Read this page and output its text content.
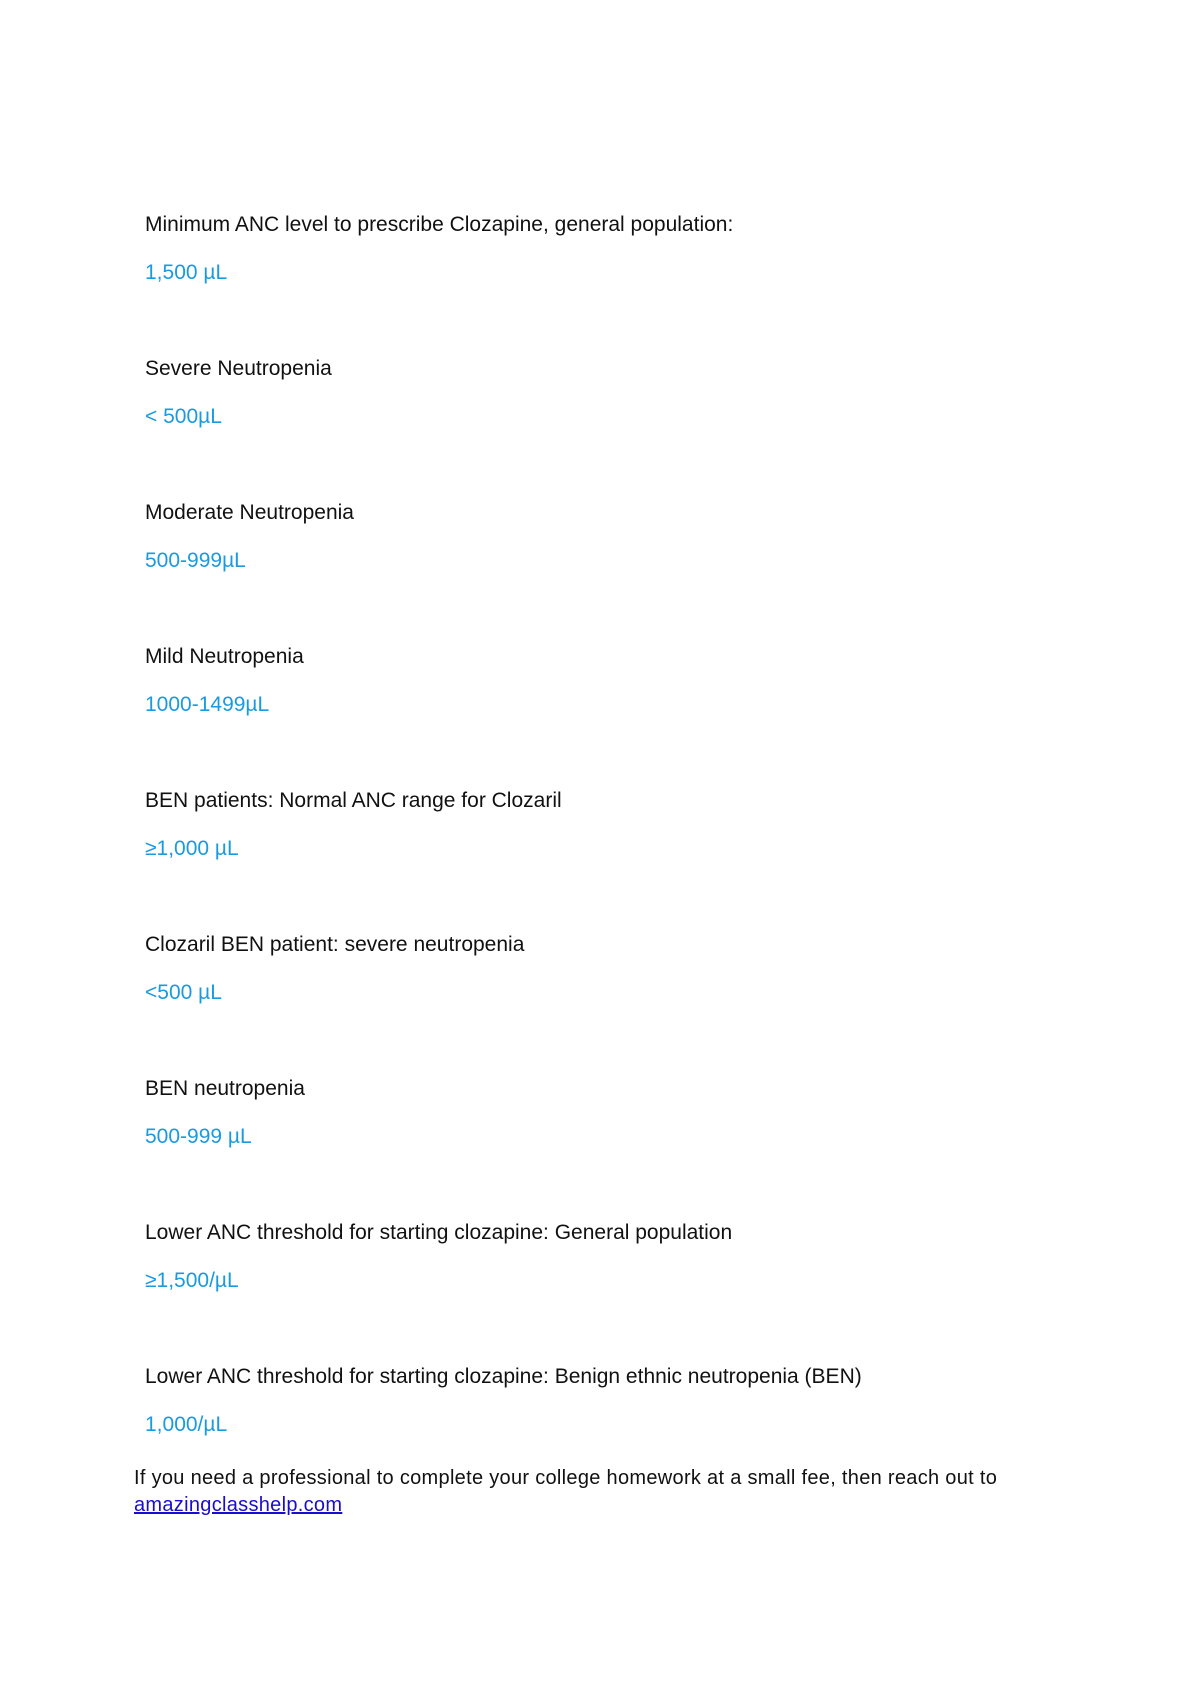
Minimum ANC level to prescribe Clozapine, general population:

1,500 µL

Severe Neutropenia

< 500µL

Moderate Neutropenia

500-999µL

Mild Neutropenia

1000-1499µL

BEN patients: Normal ANC range for Clozaril

≥1,000 µL

Clozaril BEN patient: severe neutropenia

<500 µL

BEN neutropenia

500-999 µL

Lower ANC threshold for starting clozapine: General population

≥1,500/µL

Lower ANC threshold for starting clozapine: Benign ethnic neutropenia (BEN)

1,000/µL

If you need a professional to complete your college homework at a small fee, then reach out to
amazingclasshelp.com
